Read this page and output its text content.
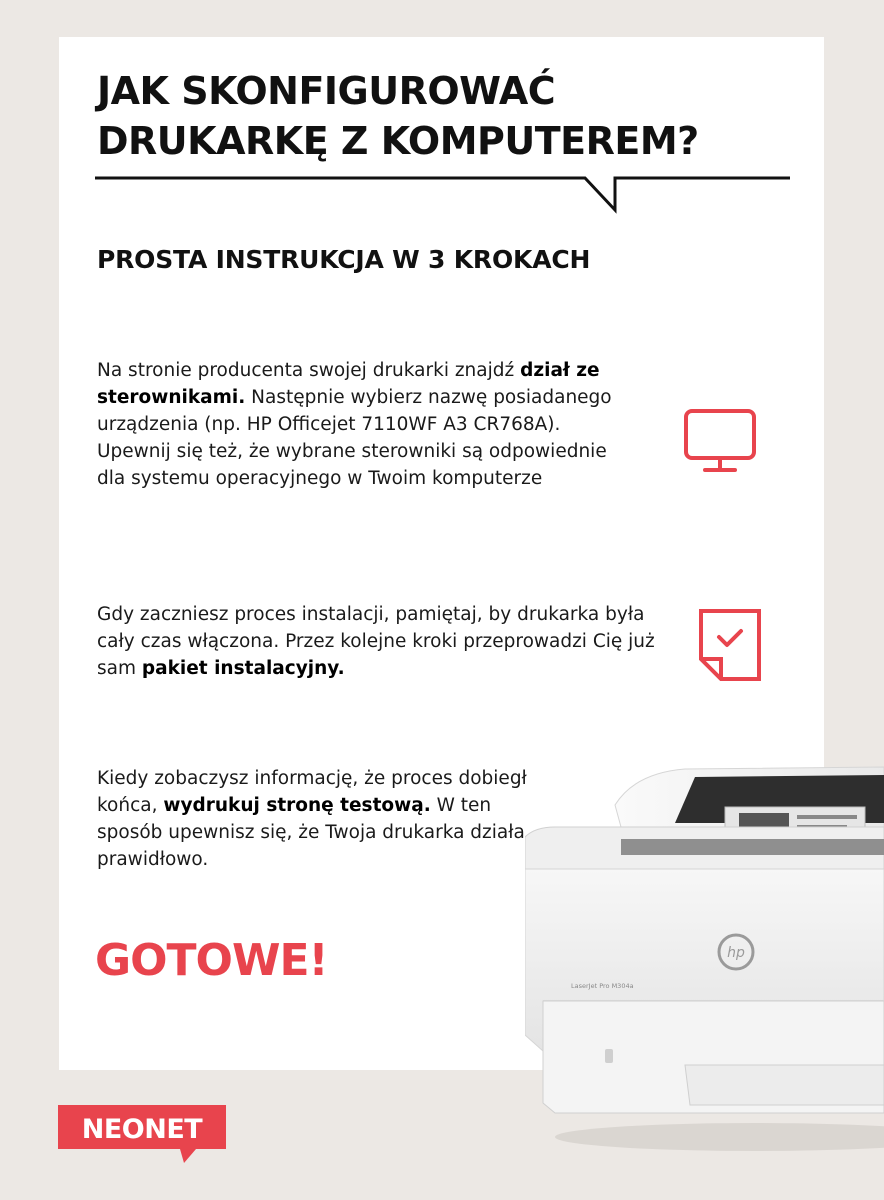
JAK SKONFIGUROWAĆ
DRUKARKĘ Z KOMPUTEREM?
PROSTA INSTRUKCJA W 3 KROKACH

Na stronie producenta swojej drukarki znajdź dział ze sterownikami. Następnie wybierz nazwę posiadanego urządzenia (np. HP Officejet 7110WF A3 CR768A). Upewnij się też, że wybrane sterowniki są odpowiednie dla systemu operacyjnego w Twoim komputerze

Gdy zaczniesz proces instalacji, pamiętaj, by drukarka była cały czas włączona. Przez kolejne kroki przeprowadzi Cię już sam pakiet instalacyjny.

Kiedy zobaczysz informację, że proces dobiegł końca, wydrukuj stronę testową. W ten sposób upewnisz się, że Twoja drukarka działa prawidłowo.

GOTOWE!	hp
LaserJet Pro M304a
NEONET
